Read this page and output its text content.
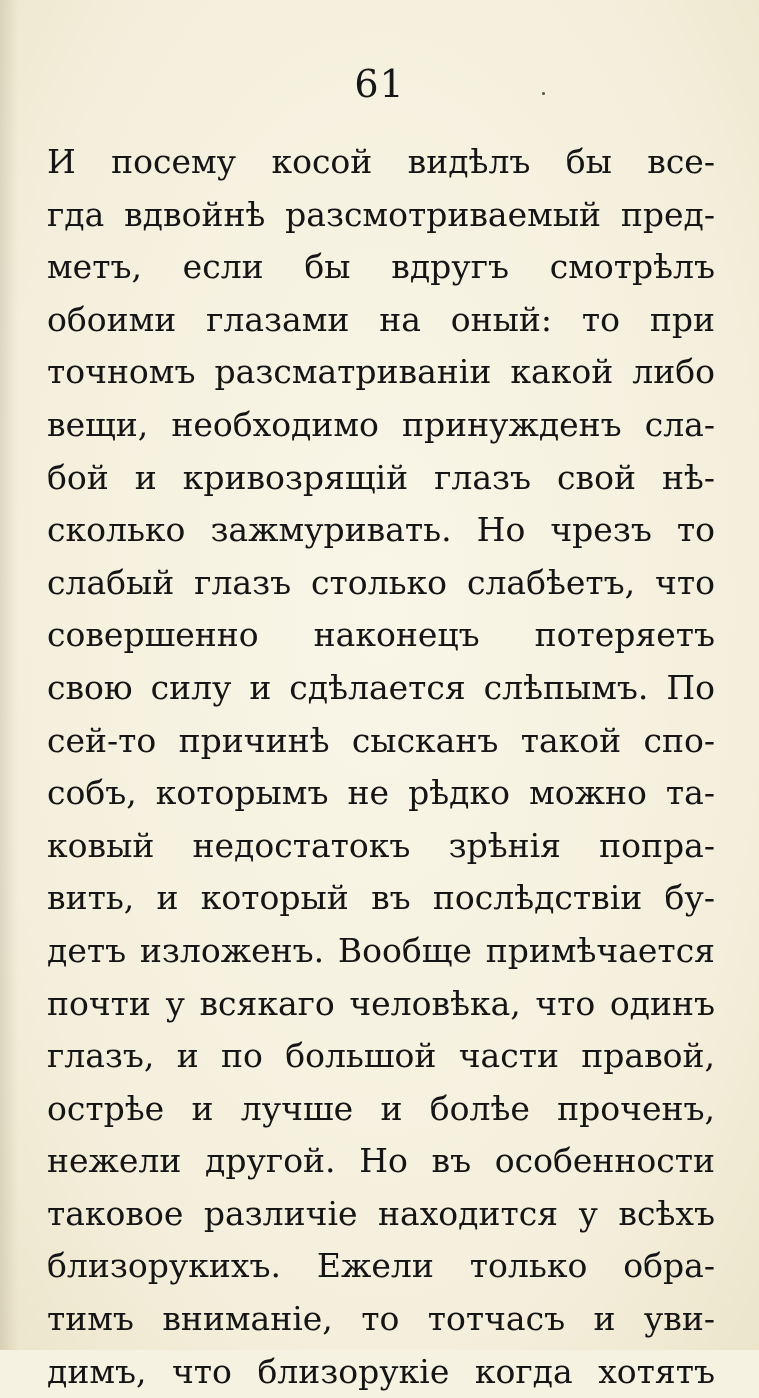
61
И посему косой видѣлъ бы все-
гда вдвойнѣ разсмотриваемый пред-
метъ, если бы вдругъ смотрѣлъ
обоими глазами на оный: то при
точномъ разсматриваніи какой либо
вещи, необходимо принужденъ сла-
бой и кривозрящій глазъ свой нѣ-
сколько зажмуривать. Но чрезъ то
слабый глазъ столько слабѣетъ, что
совершенно наконецъ потеряетъ
свою силу и сдѣлается слѣпымъ. По
сей-то причинѣ сысканъ такой спо-
собъ, которымъ не рѣдко можно та-
ковый недостатокъ зрѣнія попра-
вить, и который въ послѣдствіи бу-
детъ изложенъ. Вообще примѣчается
почти у всякаго человѣка, что одинъ
глазъ, и по большой части правой,
острѣе и лучше и болѣе проченъ,
нежели другой. Но въ особенности
таковое различіе находится у всѣхъ
близорукихъ. Ежели только обра-
тимъ вниманіе, то тотчасъ и уви-
димъ, что близорукіе когда хотятъ
